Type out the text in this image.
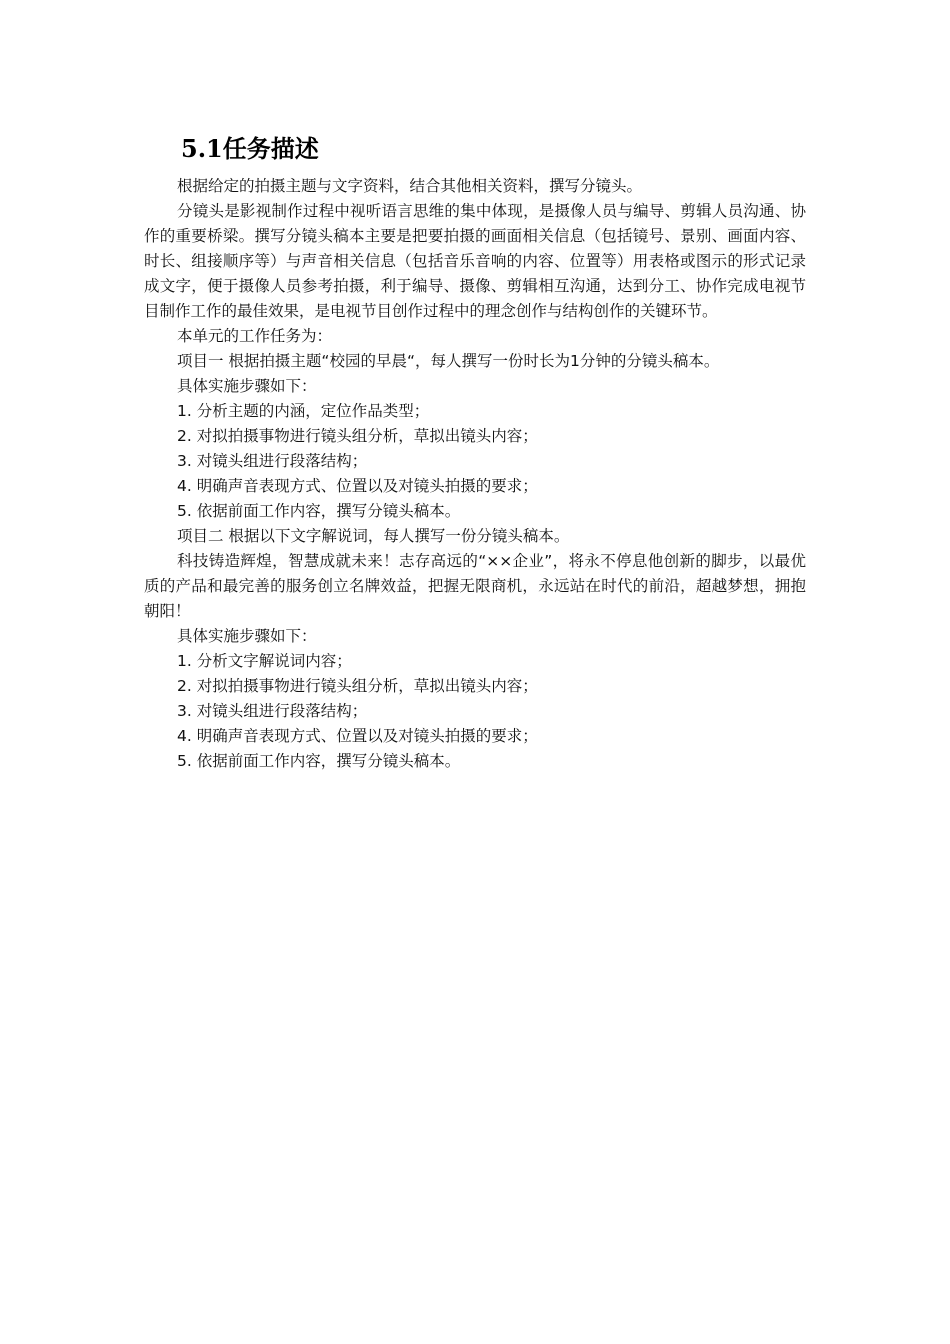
5.1任务描述

根据给定的拍摄主题与文字资料，结合其他相关资料，撰写分镜头。

分镜头是影视制作过程中视听语言思维的集中体现，是摄像人员与编导、剪辑人员沟通、协作的重要桥梁。撰写分镜头稿本主要是把要拍摄的画面相关信息（包括镜号、景别、画面内容、时长、组接顺序等）与声音相关信息（包括音乐音响的内容、位置等）用表格或图示的形式记录成文字，便于摄像人员参考拍摄，利于编导、摄像、剪辑相互沟通，达到分工、协作完成电视节目制作工作的最佳效果，是电视节目创作过程中的理念创作与结构创作的关键环节。

本单元的工作任务为：

项目一 根据拍摄主题“校园的早晨“，每人撰写一份时长为1分钟的分镜头稿本。

具体实施步骤如下：

1. 分析主题的内涵，定位作品类型；

2. 对拟拍摄事物进行镜头组分析，草拟出镜头内容；

3. 对镜头组进行段落结构；

4. 明确声音表现方式、位置以及对镜头拍摄的要求；

5. 依据前面工作内容，撰写分镜头稿本。

项目二 根据以下文字解说词，每人撰写一份分镜头稿本。

科技铸造辉煌，智慧成就未来！志存高远的“××企业”，将永不停息他创新的脚步，以最优质的产品和最完善的服务创立名牌效益，把握无限商机，永远站在时代的前沿，超越梦想，拥抱朝阳！

具体实施步骤如下：

1. 分析文字解说词内容；

2. 对拟拍摄事物进行镜头组分析，草拟出镜头内容；

3. 对镜头组进行段落结构；

4. 明确声音表现方式、位置以及对镜头拍摄的要求；

5. 依据前面工作内容，撰写分镜头稿本。
